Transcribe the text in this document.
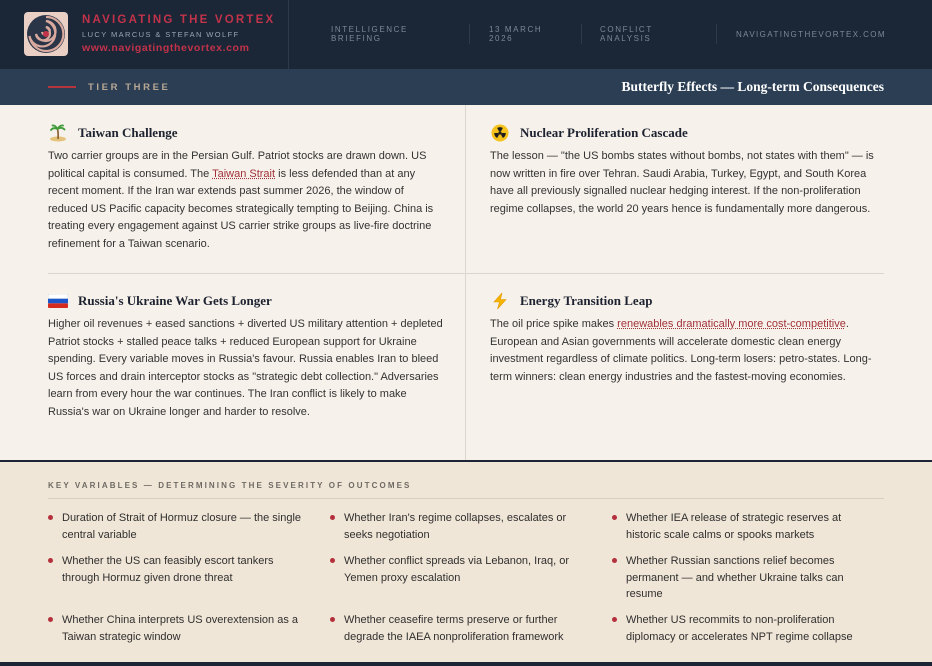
NAVIGATING THE VORTEX
LUCY MARCUS & STEFAN WOLFF
www.navigatingthevortex.com
INTELLIGENCE
BRIEFING
13 MARCH
2026
CONFLICT
ANALYSIS	NAVIGATINGTHEVORTEX.COM
TIER THREE	Butterfly Effects — Long-term Consequences
Taiwan Challenge
Two carrier groups are in the Persian Gulf. Patriot stocks are drawn down. US political capital is consumed. The Taiwan Strait is less defended than at any recent moment. If the Iran war extends past summer 2026, the window of reduced US Pacific capacity becomes strategically tempting to Beijing. China is treating every engagement against US carrier strike groups as live-fire doctrine refinement for a Taiwan scenario.
Nuclear Proliferation Cascade
The lesson — "the US bombs states without bombs, not states with them" — is now written in fire over Tehran. Saudi Arabia, Turkey, Egypt, and South Korea have all previously signalled nuclear hedging interest. If the non-proliferation regime collapses, the world 20 years hence is fundamentally more dangerous.
Russia's Ukraine War Gets Longer
Higher oil revenues + eased sanctions + diverted US military attention + depleted Patriot stocks + stalled peace talks + reduced European support for Ukraine spending. Every variable moves in Russia's favour. Russia enables Iran to bleed US forces and drain interceptor stocks as "strategic debt collection." Adversaries learn from every hour the war continues. The Iran conflict is likely to make Russia's war on Ukraine longer and harder to resolve.
Energy Transition Leap
The oil price spike makes renewables dramatically more cost-competitive. European and Asian governments will accelerate domestic clean energy investment regardless of climate politics. Long-term losers: petro-states. Long-term winners: clean energy industries and the fastest-moving economies.
KEY VARIABLES — DETERMINING THE SEVERITY OF OUTCOMES
Duration of Strait of Hormuz closure — the single central variable
Whether Iran's regime collapses, escalates or seeks negotiation
Whether IEA release of strategic reserves at historic scale calms or spooks markets
Whether the US can feasibly escort tankers through Hormuz given drone threat
Whether conflict spreads via Lebanon, Iraq, or Yemen proxy escalation
Whether Russian sanctions relief becomes permanent — and whether Ukraine talks can resume
Whether China interprets US overextension as a Taiwan strategic window
Whether ceasefire terms preserve or further degrade the IAEA nonproliferation framework
Whether US recommits to non-proliferation diplomacy or accelerates NPT regime collapse
